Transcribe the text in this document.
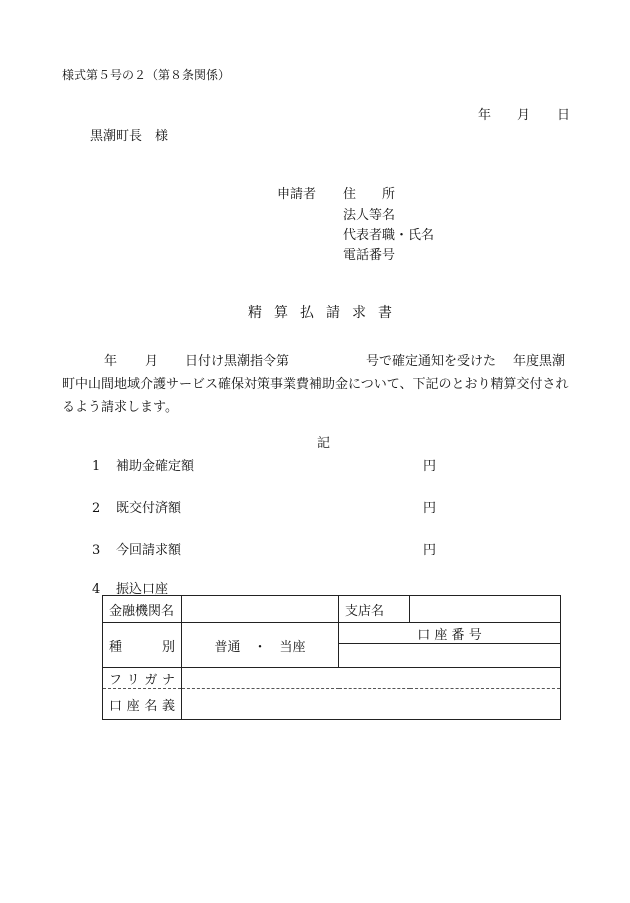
様式第５号の２（第８条関係）
年 月 日
黒潮町長　様
申請者 住　　所
法人等名
代表者職・氏名
電話番号
精 算 払 請 求 書
年 月 日付け黒潮指令第	号で確定通知を受けた 年度黒潮
町中山間地域介護サービス確保対策事業費補助金について、下記のとおり精算交付され
るよう請求します。
記
1 補助金確定額	円
2 既交付済額	円
3 今回請求額	円
4 振込口座
金融機関名		支店名	

種 別	普通　・　当座	口 座 番 号	

フ リ ガ ナ			

口 座 名 義			
